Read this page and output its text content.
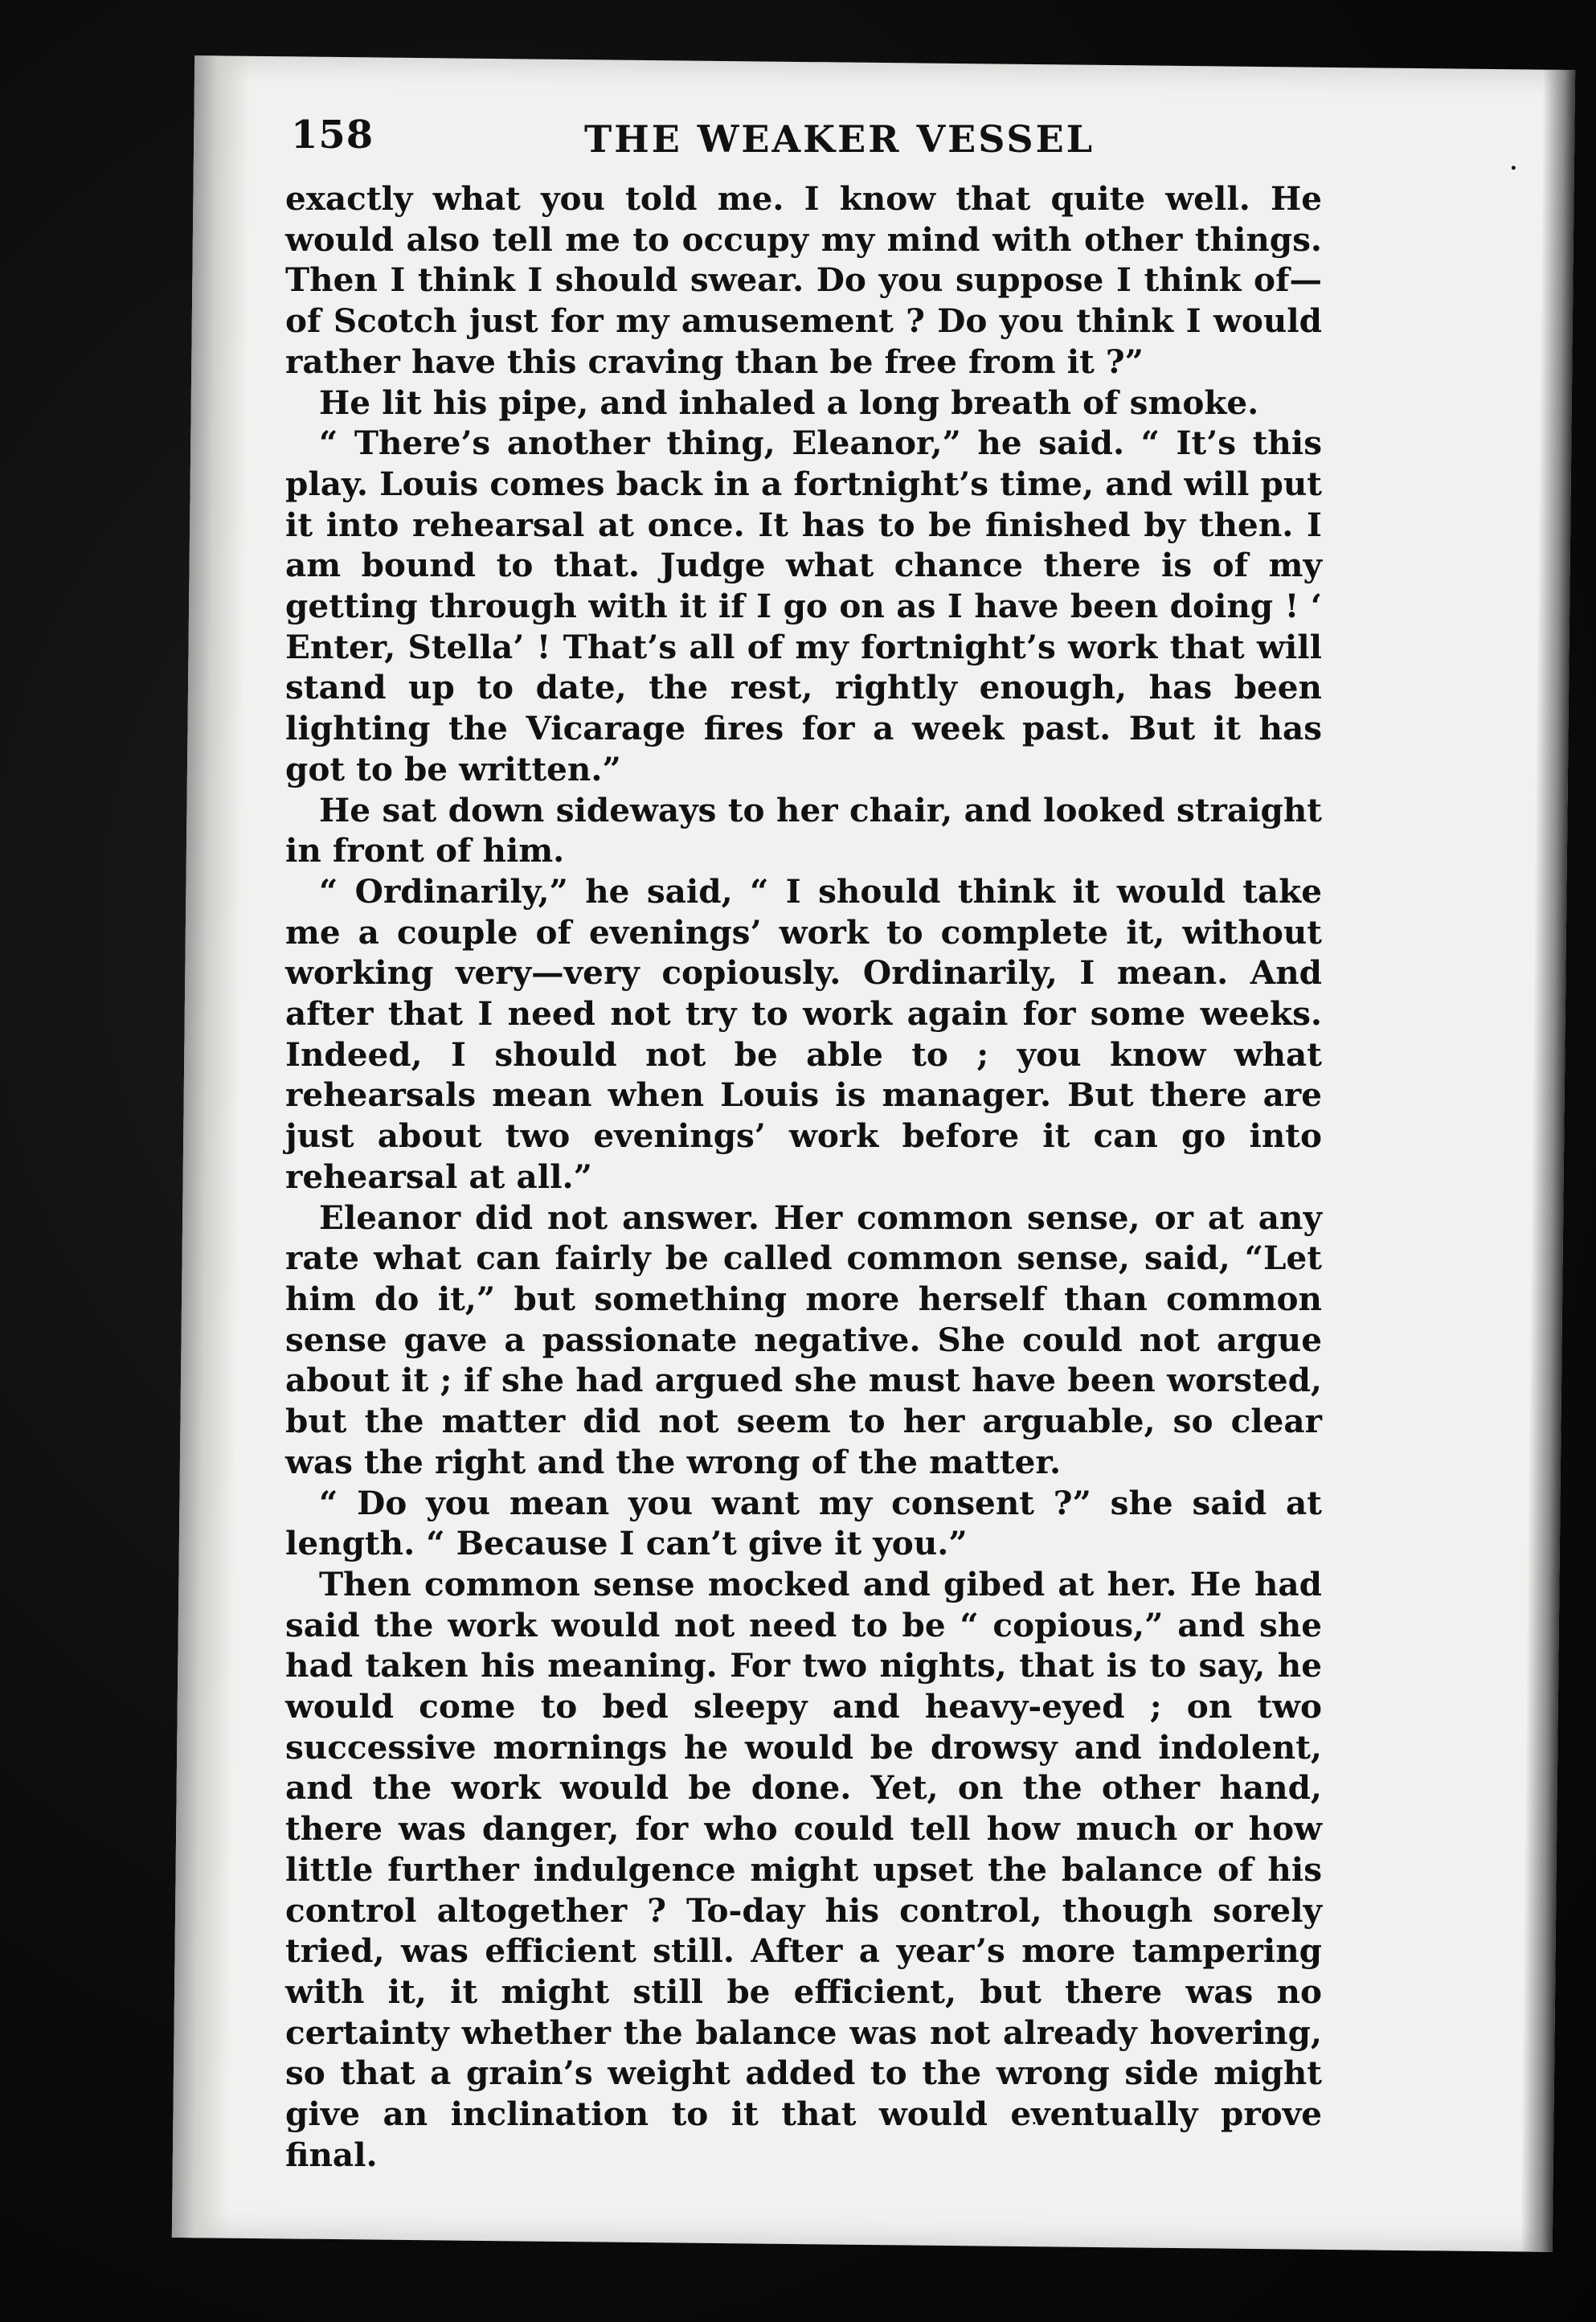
158	THE WEAKER VESSEL

exactly what you told me. I know that quite well. He would also tell me to occupy my mind with other things. Then I think I should swear. Do you suppose I think of—of Scotch just for my amusement ? Do you think I would rather have this craving than be free from it ?”

He lit his pipe, and inhaled a long breath of smoke.

“ There’s another thing, Eleanor,” he said. “ It’s this play. Louis comes back in a fortnight’s time, and will put it into rehearsal at once. It has to be finished by then. I am bound to that. Judge what chance there is of my getting through with it if I go on as I have been doing ! ‘ Enter, Stella’ ! That’s all of my fortnight’s work that will stand up to date, the rest, rightly enough, has been lighting the Vicarage fires for a week past. But it has got to be written.”

He sat down sideways to her chair, and looked straight in front of him.

“ Ordinarily,” he said, “ I should think it would take me a couple of evenings’ work to complete it, without working very—very copiously. Ordinarily, I mean. And after that I need not try to work again for some weeks. Indeed, I should not be able to ; you know what rehearsals mean when Louis is manager. But there are just about two evenings’ work before it can go into rehearsal at all.”

Eleanor did not answer. Her common sense, or at any rate what can fairly be called common sense, said, “Let him do it,” but something more herself than common sense gave a passionate negative. She could not argue about it ; if she had argued she must have been worsted, but the matter did not seem to her arguable, so clear was the right and the wrong of the matter.

“ Do you mean you want my consent ?” she said at length. “ Because I can’t give it you.”

Then common sense mocked and gibed at her. He had said the work would not need to be “ copious,” and she had taken his meaning. For two nights, that is to say, he would come to bed sleepy and heavy-eyed ; on two successive mornings he would be drowsy and indolent, and the work would be done. Yet, on the other hand, there was danger, for who could tell how much or how little further indulgence might upset the balance of his control altogether ? To-day his control, though sorely tried, was efficient still. After a year’s more tampering with it, it might still be efficient, but there was no certainty whether the balance was not already hovering, so that a grain’s weight added to the wrong side might give an inclination to it that would eventually prove final.
